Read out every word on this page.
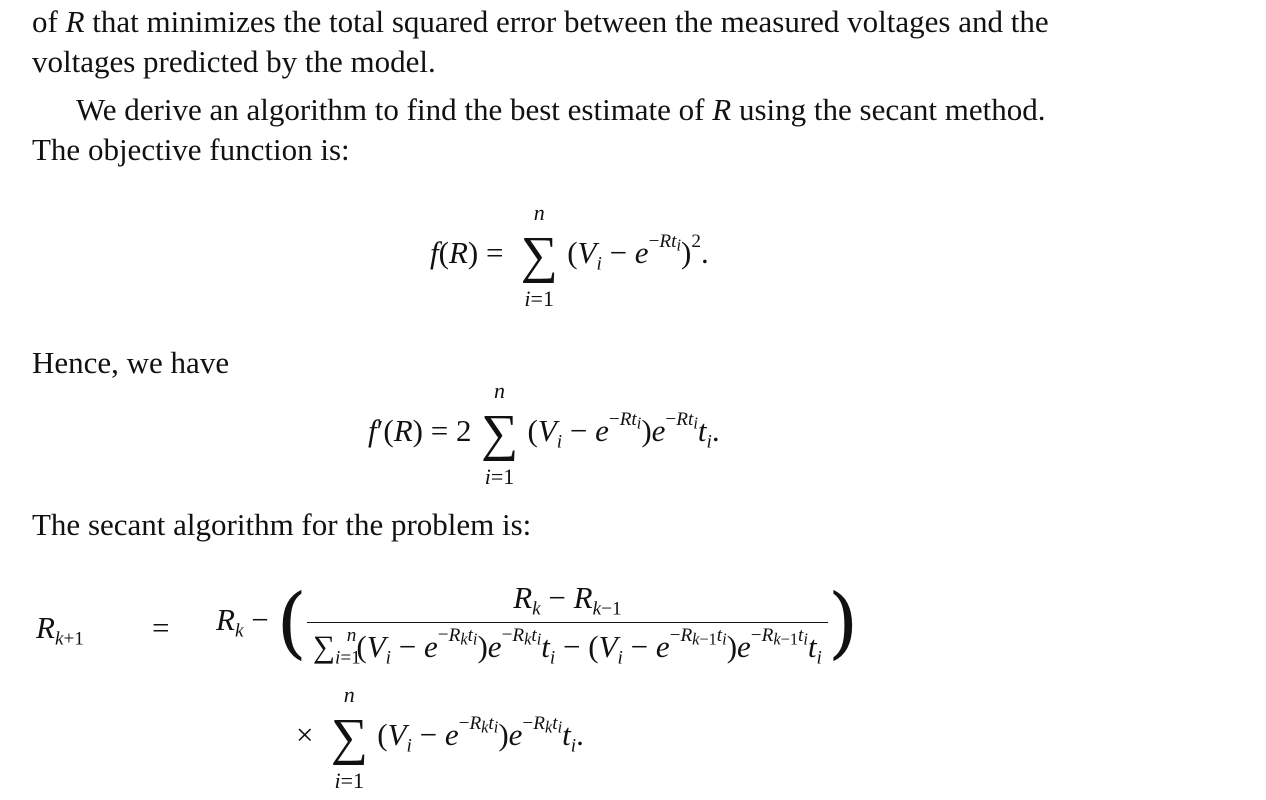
of R that minimizes the total squared error between the measured voltages and the
voltages predicted by the model.

We derive an algorithm to find the best estimate of R using the secant method.
The objective function is:

f(R) =
n
∑
i=1
$(V_i - e^{-Rt_i})^2$.

Hence, we have

f′(R) = 2
n
∑
i=1
$(V_i - e^{-Rt_i})e^{-Rt_i}t_i$.

The secant algorithm for the problem is:

$R_{k+1} = R_k$ − ( $\frac{R_k - R_{k-1}}{\sum_{i=1}^n(V_i - e^{-R_kt_i})e^{-R_kt_i}t_i - (V_i - e^{-R_{k-1}t_i})e^{-R_{k-1}t_i}t_i}$ )
×
n
∑
i=1
$(V_i - e^{-R_kt_i})e^{-R_kt_i}t_i$.
